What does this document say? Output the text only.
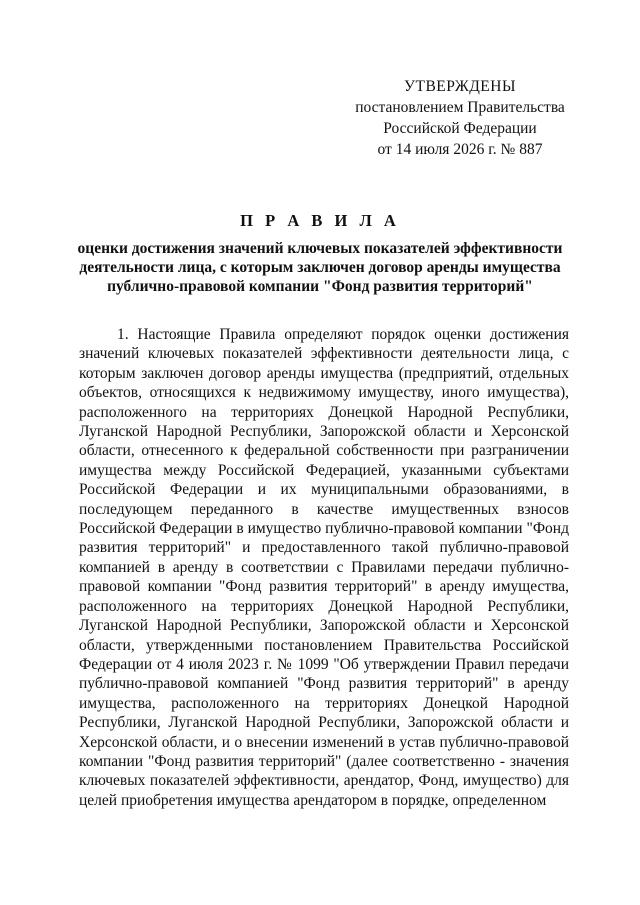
УТВЕРЖДЕНЫ
постановлением Правительства
Российской Федерации
от 14 июля 2026 г. № 887
П Р А В И Л А
оценки достижения значений ключевых показателей эффективности деятельности лица, с которым заключен договор аренды имущества публично-правовой компании "Фонд развития территорий"
1. Настоящие Правила определяют порядок оценки достижения значений ключевых показателей эффективности деятельности лица, с которым заключен договор аренды имущества (предприятий, отдельных объектов, относящихся к недвижимому имуществу, иного имущества), расположенного на территориях Донецкой Народной Республики, Луганской Народной Республики, Запорожской области и Херсонской области, отнесенного к федеральной собственности при разграничении имущества между Российской Федерацией, указанными субъектами Российской Федерации и их муниципальными образованиями, в последующем переданного в качестве имущественных взносов Российской Федерации в имущество публично-правовой компании "Фонд развития территорий" и предоставленного такой публично-правовой компанией в аренду в соответствии с Правилами передачи публично-правовой компании "Фонд развития территорий" в аренду имущества, расположенного на территориях Донецкой Народной Республики, Луганской Народной Республики, Запорожской области и Херсонской области, утвержденными постановлением Правительства Российской Федерации от 4 июля 2023 г. № 1099 "Об утверждении Правил передачи публично-правовой компанией "Фонд развития территорий" в аренду имущества, расположенного на территориях Донецкой Народной Республики, Луганской Народной Республики, Запорожской области и Херсонской области, и о внесении изменений в устав публично-правовой компании "Фонд развития территорий" (далее соответственно - значения ключевых показателей эффективности, арендатор, Фонд, имущество) для целей приобретения имущества арендатором в порядке, определенном
